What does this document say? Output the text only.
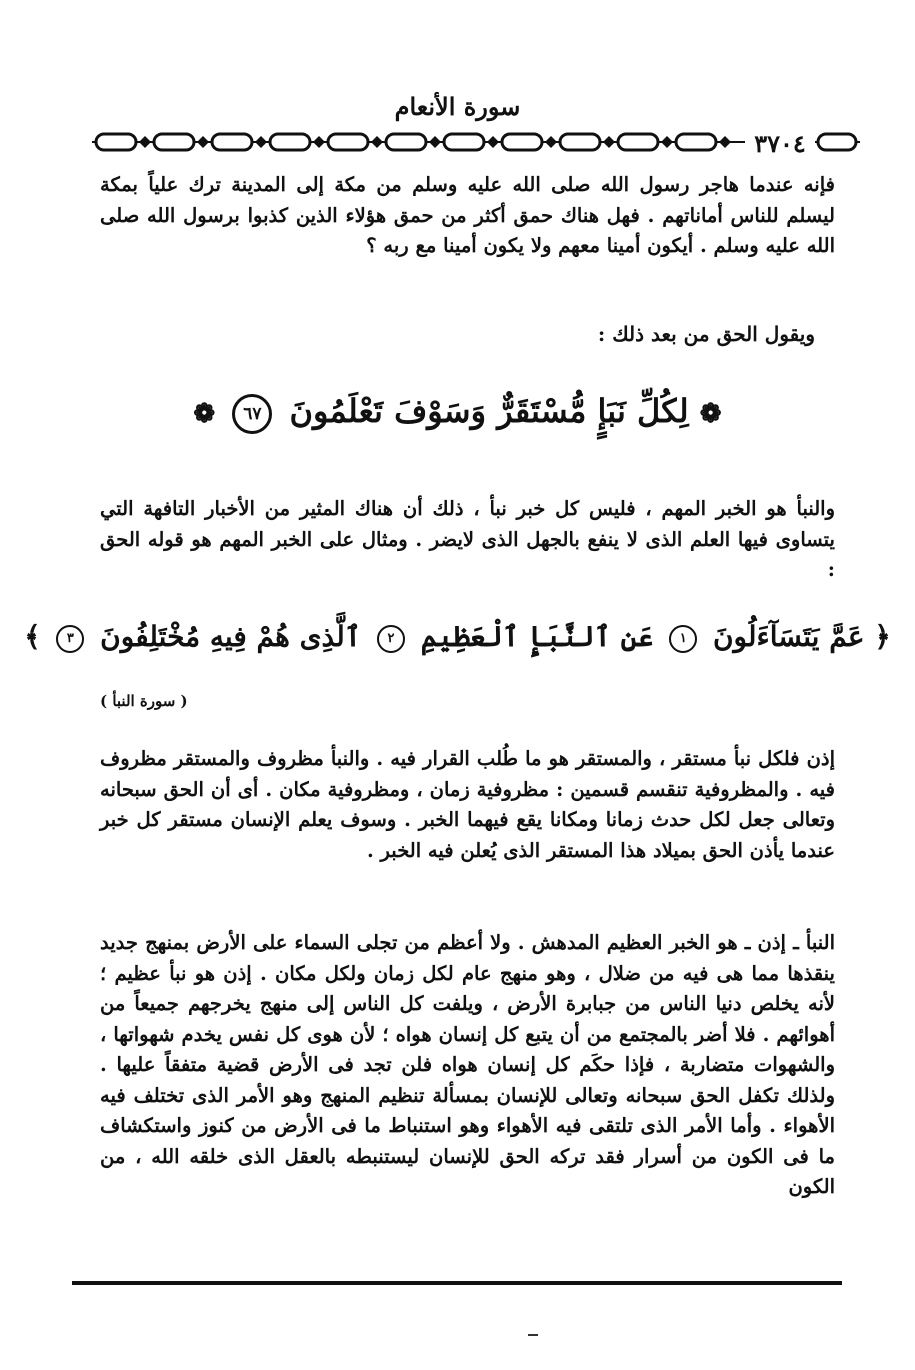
سورة الأنعام
٣٧٠٤

فإنه عندما هاجر رسول الله صلى الله عليه وسلم من مكة إلى المدينة ترك علياً بمكة ليسلم للناس أماناتهم . فهل هناك حمق أكثر من حمق هؤلاء الذين كذبوا برسول الله صلى الله عليه وسلم . أيكون أمينا معهم ولا يكون أمينا مع ربه ؟

ويقول الحق من بعد ذلك :
❁ لِكُلِّ نَبَإٍ مُّسْتَقَرٌّ وَسَوْفَ تَعْلَمُونَ ٦٧ ❁

والنبأ هو الخبر المهم ، فليس كل خبر نبأ ، ذلك أن هناك المثير من الأخبار التافهة التي يتساوى فيها العلم الذى لا ينفع بالجهل الذى لايضر . ومثال على الخبر المهم هو قوله الحق :

﴿ عَمَّ يَتَسَآءَلُونَ ١ عَنِ ٱلنَّبَإِ ٱلْعَظِيمِ ٢ ٱلَّذِى هُمْ فِيهِ مُخْتَلِفُونَ ٣ ﴾
( سورة النبأ )

إذن فلكل نبأ مستقر ، والمستقر هو ما طُلب القرار فيه . والنبأ مظروف والمستقر مظروف فيه . والمظروفية تنقسم قسمين : مظروفية زمان ، ومظروفية مكان . أى أن الحق سبحانه وتعالى جعل لكل حدث زمانا ومكانا يقع فيهما الخبر . وسوف يعلم الإنسان مستقر كل خبر عندما يأذن الحق بميلاد هذا المستقر الذى يُعلن فيه الخبر .

النبأ ـ إذن ـ هو الخبر العظيم المدهش . ولا أعظم من تجلى السماء على الأرض بمنهج جديد ينقذها مما هى فيه من ضلال ، وهو منهج عام لكل زمان ولكل مكان . إذن هو نبأ عظيم ؛ لأنه يخلص دنيا الناس من جبابرة الأرض ، ويلفت كل الناس إلى منهج يخرجهم جميعاً من أهوائهم . فلا أضر بالمجتمع من أن يتبع كل إنسان هواه ؛ لأن هوى كل نفس يخدم شهواتها ، والشهوات متضاربة ، فإذا حكَم كل إنسان هواه فلن تجد فى الأرض قضية متفقاً عليها . ولذلك تكفل الحق سبحانه وتعالى للإنسان بمسألة تنظيم المنهج وهو الأمر الذى تختلف فيه الأهواء . وأما الأمر الذى تلتقى فيه الأهواء وهو استنباط ما فى الأرض من كنوز واستكشاف ما فى الكون من أسرار فقد تركه الحق للإنسان ليستنبطه بالعقل الذى خلقه الله ، من الكون
